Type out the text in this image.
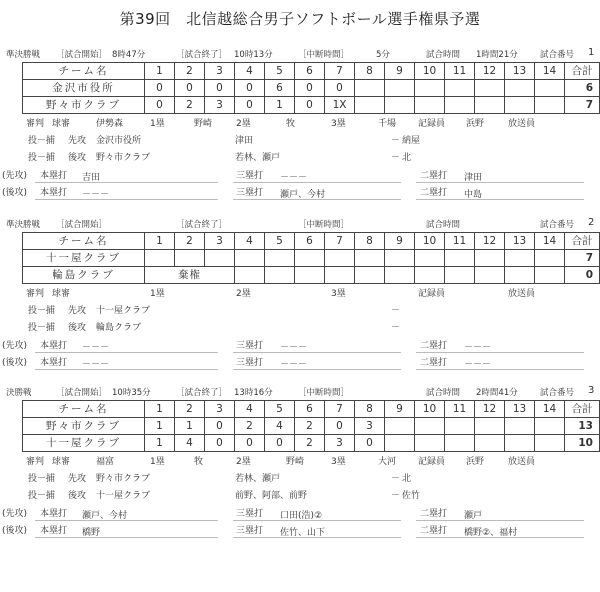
第39回　北信越総合男子ソフトボール選手権県予選
準決勝戦 ［試合開始］ 8時47分	［試合終了］ 10時13分	［中断時間］	5分	試合時間 1時間21分	試合番号 1
チーム名	1	2	3	4	5	6	7	8	9	10	11	12	13	14	合計
金沢市役所	0	0	0	0	6	0	0								6
野々市クラブ	0	2	3	0	1	0	1X								7
審判 球審	伊勢森	1塁	野崎	2塁	牧	3塁	千場 記録員 浜野	放送員
投－捕 先攻 金沢市役所	津田	－ 納屋
投－捕 後攻 野々市クラブ	若林、瀬戸	－ 北
(先攻) 本塁打 吉田	三塁打 －－－	二塁打 津田
(後攻) 本塁打 －－－	三塁打 瀬戸、今村	二塁打 中島
準決勝戦 ［試合開始］	［試合終了］	［中断時間］	試合時間	試合番号 2
チーム名	1	2	3	4	5	6	7	8	9	10	11	12	13	14	合計
十一屋クラブ															7
輪島クラブ	棄権														0
審判 球審	1塁	2塁	3塁	記録員	放送員
投－捕 先攻 十一屋クラブ	－
投－捕 後攻 輪島クラブ	－
(先攻) 本塁打 －－－	三塁打 －－－	二塁打 －－－
(後攻) 本塁打 －－－	三塁打 －－－	二塁打 －－－
決勝戦	［試合開始］ 10時35分	［試合終了］ 13時16分	［中断時間］	試合時間 2時間41分	試合番号 3
チーム名	1	2	3	4	5	6	7	8	9	10	11	12	13	14	合計
野々市クラブ	1	1	0	2	4	2	0	3							13
十一屋クラブ	1	4	0	0	0	2	3	0							10
審判 球審	福富	1塁	牧	2塁	野崎	3塁	大河 記録員 浜野	放送員
投－捕 先攻 野々市クラブ	若林、瀬戸	－ 北
投－捕 後攻 十一屋クラブ	前野、阿部、前野	－ 佐竹
(先攻) 本塁打 瀬戸、今村	三塁打 口田(浩)②	二塁打 瀬戸
(後攻) 本塁打 橋野	三塁打 佐竹、山下	二塁打 橋野②、福村
